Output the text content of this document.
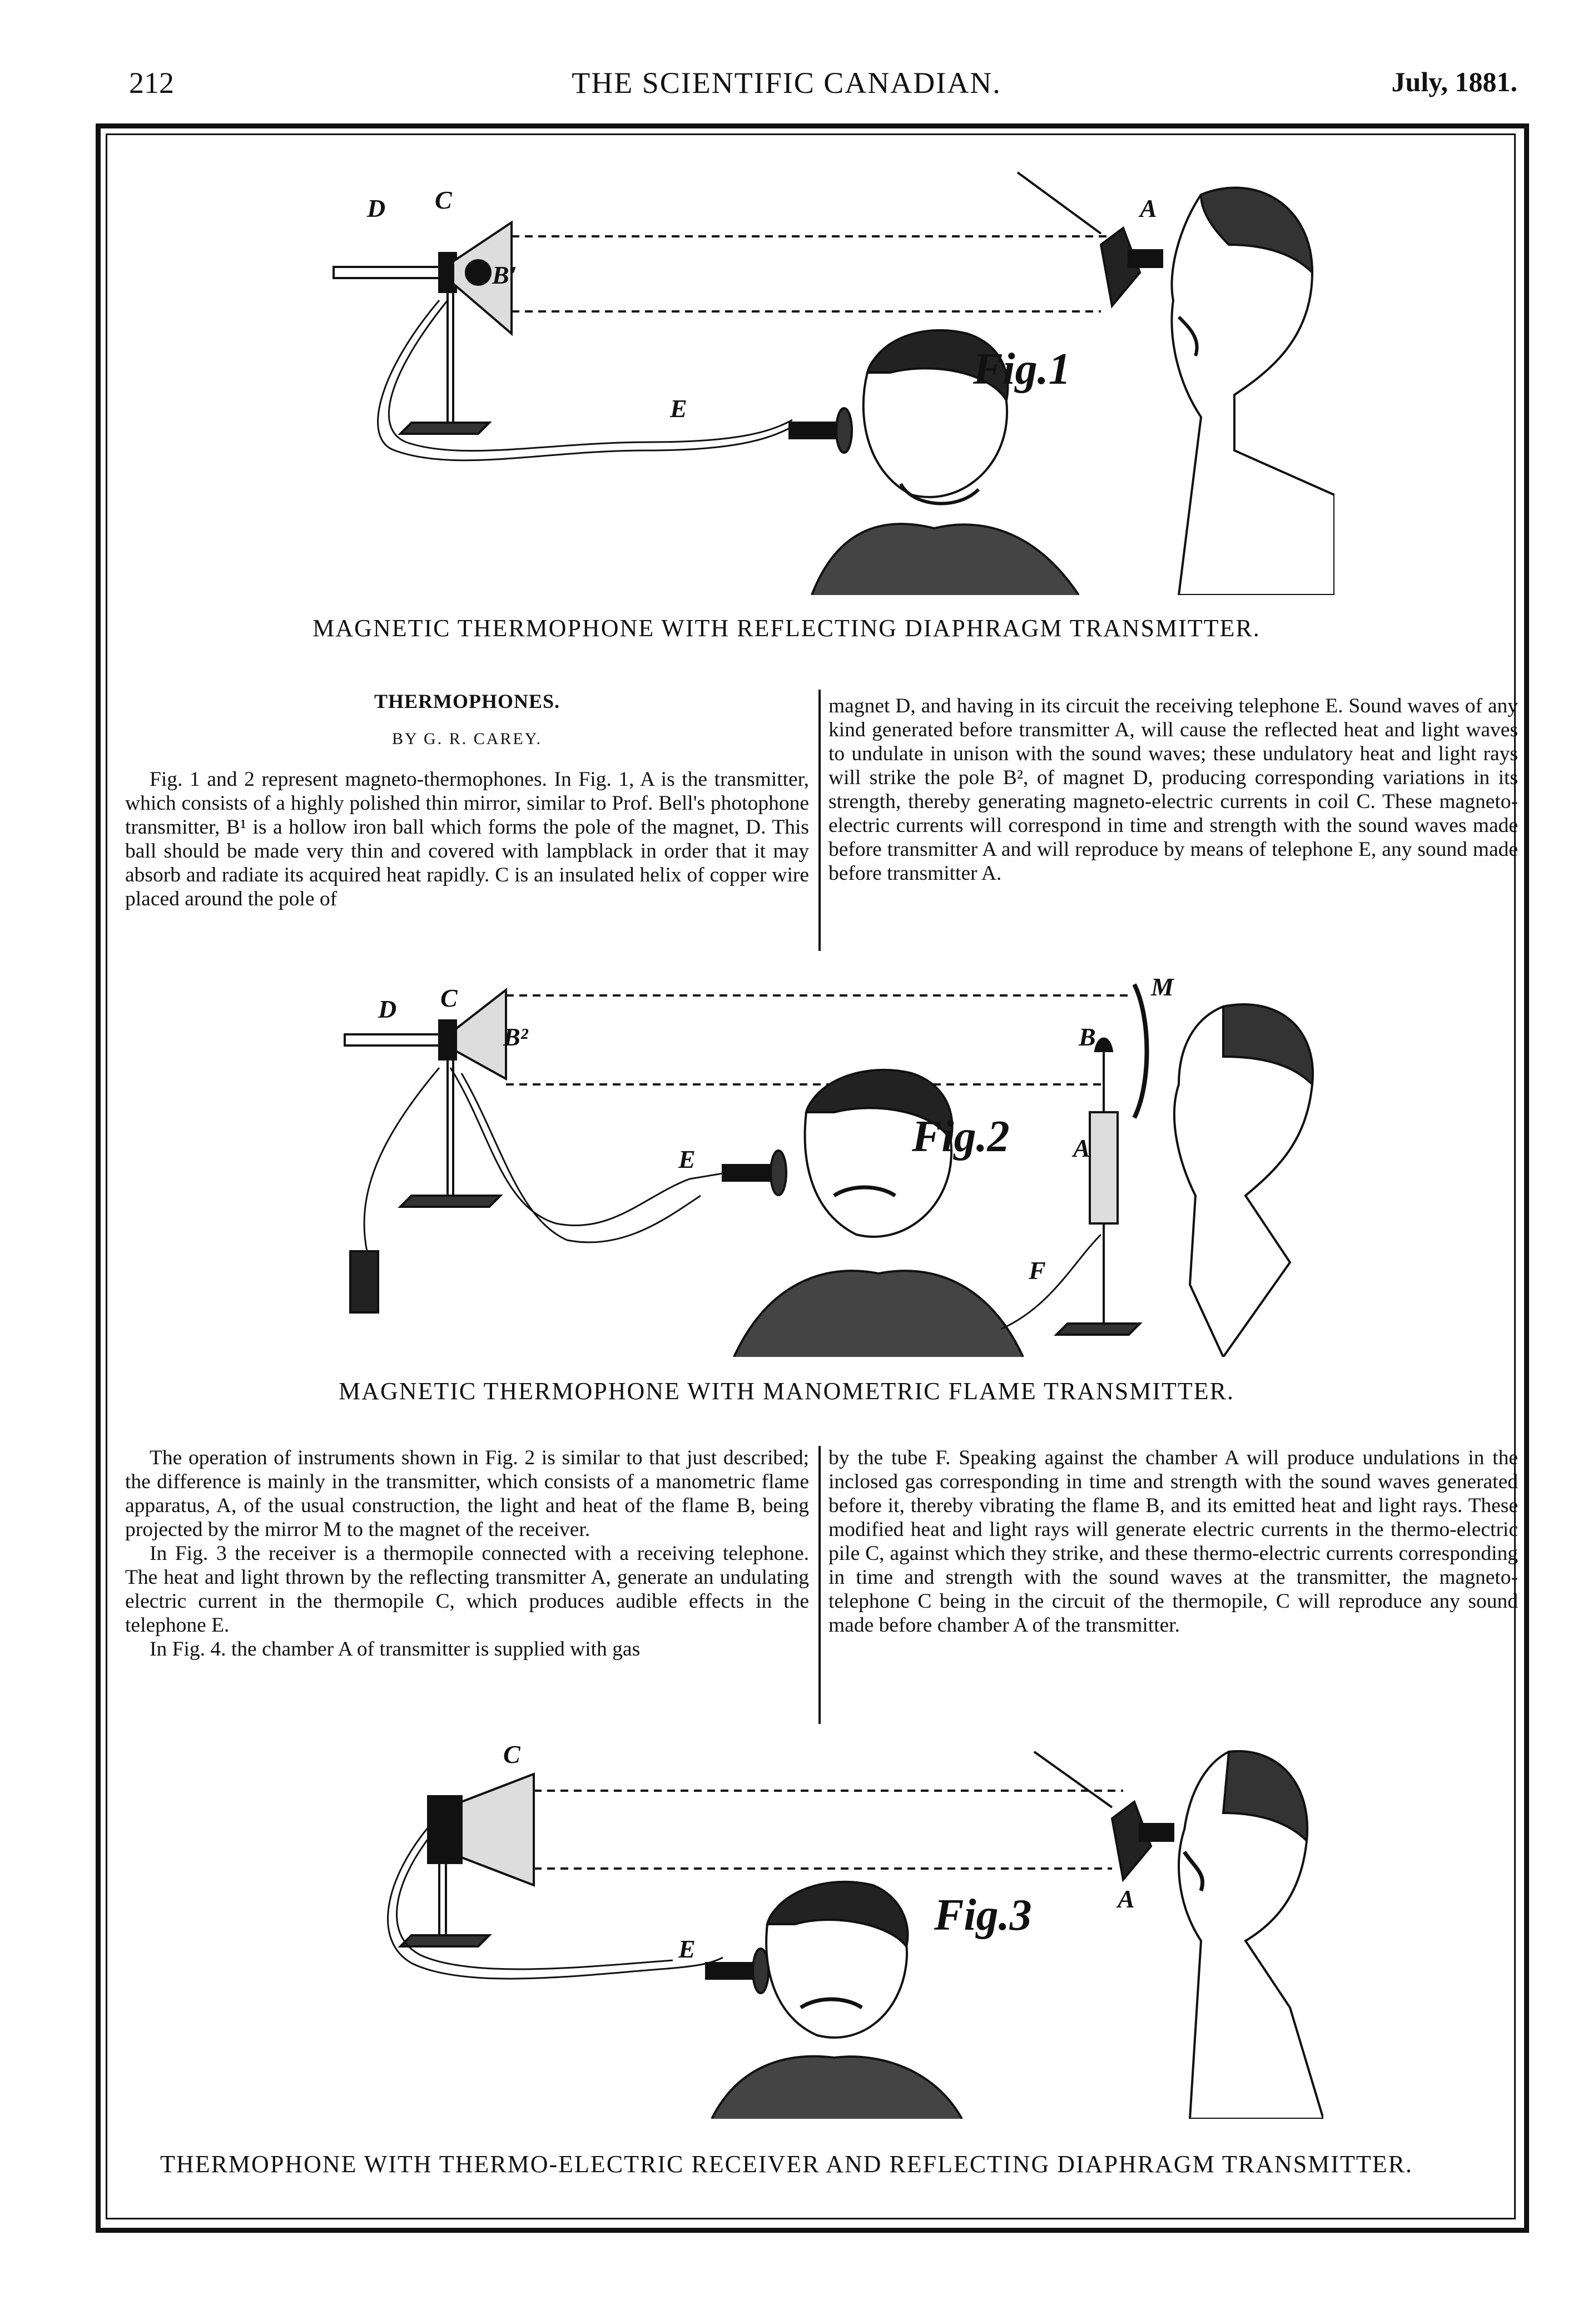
212	THE SCIENTIFIC CANADIAN.	July, 1881.
D C
B'
A
E
Fig.1
MAGNETIC THERMOPHONE WITH REFLECTING DIAPHRAGM TRANSMITTER.
THERMOPHONES.
BY G. R. CAREY.

Fig. 1 and 2 represent magneto-thermophones. In Fig. 1, A is the transmitter, which consists of a highly polished thin mirror, similar to Prof. Bell's photophone transmitter, B¹ is a hollow iron ball which forms the pole of the magnet, D. This ball should be made very thin and covered with lampblack in order that it may absorb and radiate its acquired heat rapidly. C is an insulated helix of copper wire placed around the pole of

magnet D, and having in its circuit the receiving telephone E. Sound waves of any kind generated before transmitter A, will cause the reflected heat and light waves to undulate in unison with the sound waves; these undulatory heat and light rays will strike the pole B², of magnet D, producing corresponding variations in its strength, thereby generating magneto-electric currents in coil C. These magneto-electric currents will correspond in time and strength with the sound waves made before transmitter A and will reproduce by means of telephone E, any sound made before transmitter A.

D C
B²
M
B
A
E
F
Fig.2
MAGNETIC THERMOPHONE WITH MANOMETRIC FLAME TRANSMITTER.

The operation of instruments shown in Fig. 2 is similar to that just described; the difference is mainly in the transmitter, which consists of a manometric flame apparatus, A, of the usual construction, the light and heat of the flame B, being projected by the mirror M to the magnet of the receiver.

In Fig. 3 the receiver is a thermopile connected with a receiving telephone. The heat and light thrown by the reflecting transmitter A, generate an undulating electric current in the thermopile C, which produces audible effects in the telephone E.

In Fig. 4. the chamber A of transmitter is supplied with gas

by the tube F. Speaking against the chamber A will produce undulations in the inclosed gas corresponding in time and strength with the sound waves generated before it, thereby vibrating the flame B, and its emitted heat and light rays. These modified heat and light rays will generate electric currents in the thermo-electric pile C, against which they strike, and these thermo-electric currents corresponding in time and strength with the sound waves at the transmitter, the magneto-telephone C being in the circuit of the thermopile, C will reproduce any sound made before chamber A of the transmitter.

C
A
E
Fig.3
THERMOPHONE WITH THERMO-ELECTRIC RECEIVER AND REFLECTING DIAPHRAGM TRANSMITTER.
